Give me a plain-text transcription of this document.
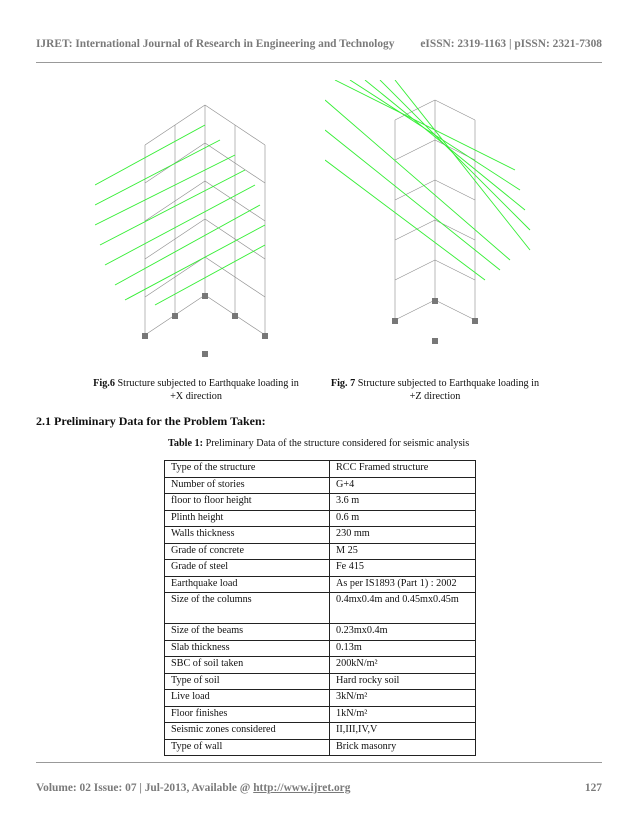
IJRET: International Journal of Research in Engineering and Technology eISSN: 2319-1163 | pISSN: 2321-7308
Fig.6 Structure subjected to Earthquake loading in
+X direction
Fig. 7 Structure subjected to Earthquake loading in
+Z direction
2.1 Preliminary Data for the Problem Taken:
Table 1: Preliminary Data of the structure considered for seismic analysis
Type of the structure	RCC Framed structure
Number of stories	G+4
floor to floor height	3.6 m
Plinth height	0.6 m
Walls thickness	230 mm
Grade of concrete	M 25
Grade of steel	Fe 415
Earthquake load	As per IS1893 (Part 1) : 2002
Size of the columns	0.4mx0.4m and 0.45mx0.45m
Size of the beams	0.23mx0.4m
Slab thickness	0.13m
SBC of soil taken	200kN/m²
Type of soil	Hard rocky soil
Live load	3kN/m²
Floor finishes	1kN/m²
Seismic zones considered	II,III,IV,V
Type of wall	Brick masonry
Volume: 02 Issue: 07 | Jul-2013, Available @ http://www.ijret.org	127
